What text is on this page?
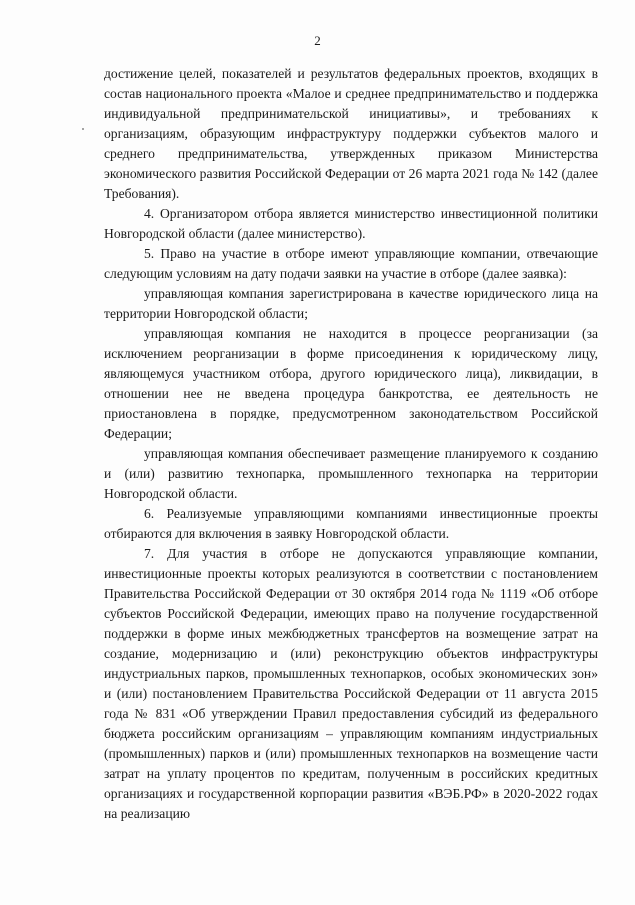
2

достижение целей, показателей и результатов федеральных проектов, входящих в состав национального проекта «Малое и среднее предпринимательство и поддержка индивидуальной предпринимательской инициативы», и требованиях к организациям, образующим инфраструктуру поддержки субъектов малого и среднего предпринимательства, утвержденных приказом Министерства экономического развития Российской Федерации от 26 марта 2021 года № 142 (далее Требования).

4. Организатором отбора является министерство инвестиционной политики Новгородской области (далее министерство).

5. Право на участие в отборе имеют управляющие компании, отвечающие следующим условиям на дату подачи заявки на участие в отборе (далее заявка):

управляющая компания зарегистрирована в качестве юридического лица на территории Новгородской области;

управляющая компания не находится в процессе реорганизации (за исключением реорганизации в форме присоединения к юридическому лицу, являющемуся участником отбора, другого юридического лица), ликвидации, в отношении нее не введена процедура банкротства, ее деятельность не приостановлена в порядке, предусмотренном законодательством Российской Федерации;

управляющая компания обеспечивает размещение планируемого к созданию и (или) развитию технопарка, промышленного технопарка на территории Новгородской области.

6. Реализуемые управляющими компаниями инвестиционные проекты отбираются для включения в заявку Новгородской области.

7. Для участия в отборе не допускаются управляющие компании, инвестиционные проекты которых реализуются в соответствии с постановлением Правительства Российской Федерации от 30 октября 2014 года № 1119 «Об отборе субъектов Российской Федерации, имеющих право на получение государственной поддержки в форме иных межбюджетных трансфертов на возмещение затрат на создание, модернизацию и (или) реконструкцию объектов инфраструктуры индустриальных парков, промышленных технопарков, особых экономических зон» и (или) постановлением Правительства Российской Федерации от 11 августа 2015 года № 831 «Об утверждении Правил предоставления субсидий из федерального бюджета российским организациям – управляющим компаниям индустриальных (промышленных) парков и (или) промышленных технопарков на возмещение части затрат на уплату процентов по кредитам, полученным в российских кредитных организациях и государственной корпорации развития «ВЭБ.РФ» в 2020-2022 годах на реализацию
